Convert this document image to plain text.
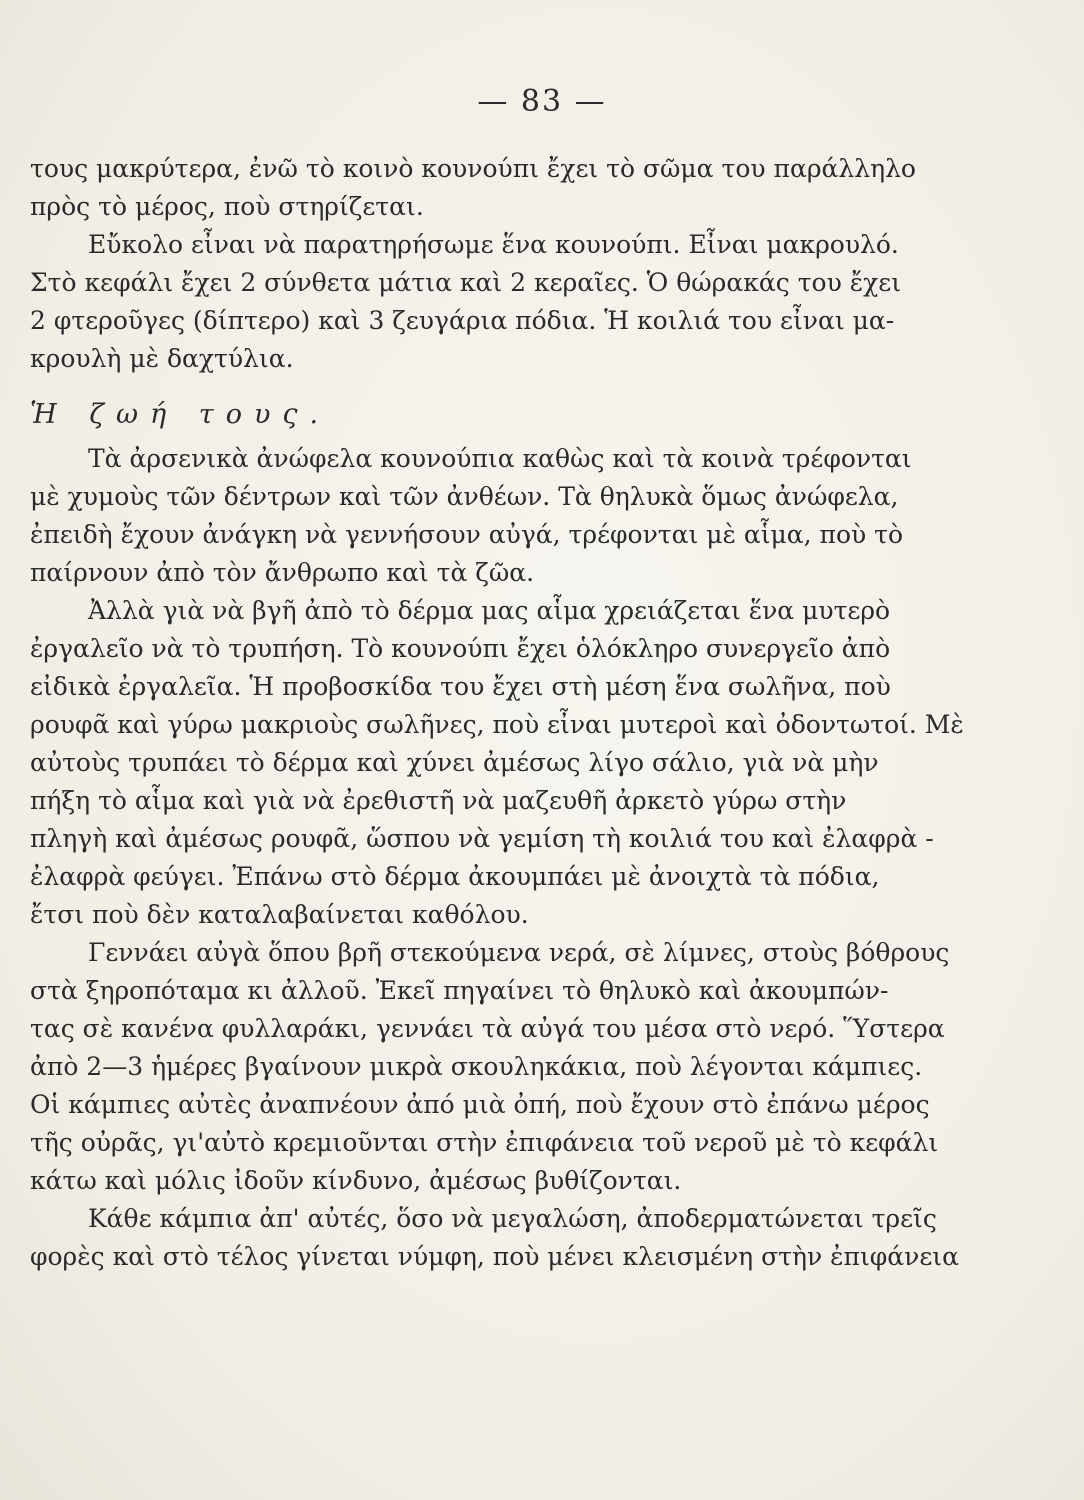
— 83 —
τους μακρύτερα, ἐνῶ τὸ κοινὸ κουνούπι ἔχει τὸ σῶμα του παράλληλο
πρὸς τὸ μέρος, ποὺ στηρίζεται.
Εὔκολο εἶναι νὰ παρατηρήσωμε ἕνα κουνούπι. Εἶναι μακρουλό.
Στὸ κεφάλι ἔχει 2 σύνθετα μάτια καὶ 2 κεραῖες. Ὁ θώρακάς του ἔχει
2 φτεροῦγες (δίπτερο) καὶ 3 ζευγάρια πόδια. Ἡ κοιλιά του εἶναι μα-
κρουλὴ μὲ δαχτύλια.
Ἡ ζωή τους.
Τὰ ἀρσενικὰ ἀνώφελα κουνούπια καθὼς καὶ τὰ κοινὰ τρέφονται
μὲ χυμοὺς τῶν δέντρων καὶ τῶν ἀνθέων. Τὰ θηλυκὰ ὅμως ἀνώφελα,
ἐπειδὴ ἔχουν ἀνάγκη νὰ γεννήσουν αὐγά, τρέφονται μὲ αἷμα, ποὺ τὸ
παίρνουν ἀπὸ τὸν ἄνθρωπο καὶ τὰ ζῶα.
Ἀλλὰ γιὰ νὰ βγῆ ἀπὸ τὸ δέρμα μας αἷμα χρειάζεται ἕνα μυτερὸ
ἐργαλεῖο νὰ τὸ τρυπήση. Τὸ κουνούπι ἔχει ὁλόκληρο συνεργεῖο ἀπὸ
εἰδικὰ ἐργαλεῖα. Ἡ προβοσκίδα του ἔχει στὴ μέση ἕνα σωλῆνα, ποὺ
ρουφᾶ καὶ γύρω μακριοὺς σωλῆνες, ποὺ εἶναι μυτεροὶ καὶ ὀδοντωτοί. Μὲ
αὐτοὺς τρυπάει τὸ δέρμα καὶ χύνει ἀμέσως λίγο σάλιο, γιὰ νὰ μὴν
πήξη τὸ αἷμα καὶ γιὰ νὰ ἐρεθιστῆ νὰ μαζευθῆ ἀρκετὸ γύρω στὴν
πληγὴ καὶ ἀμέσως ρουφᾶ, ὥσπου νὰ γεμίση τὴ κοιλιά του καὶ ἐλαφρὰ -
ἐλαφρὰ φεύγει. Ἐπάνω στὸ δέρμα ἀκουμπάει μὲ ἀνοιχτὰ τὰ πόδια,
ἔτσι ποὺ δὲν καταλαβαίνεται καθόλου.
Γεννάει αὐγὰ ὅπου βρῆ στεκούμενα νερά, σὲ λίμνες, στοὺς βόθρους
στὰ ξηροπόταμα κι ἀλλοῦ. Ἐκεῖ πηγαίνει τὸ θηλυκὸ καὶ ἀκουμπών-
τας σὲ κανένα φυλλαράκι, γεννάει τὰ αὐγά του μέσα στὸ νερό. Ὕστερα
ἀπὸ 2—3 ἡμέρες βγαίνουν μικρὰ σκουληκάκια, ποὺ λέγονται κάμπιες.
Οἱ κάμπιες αὐτὲς ἀναπνέουν ἀπό μιὰ ὀπή, ποὺ ἔχουν στὸ ἐπάνω μέρος
τῆς οὐρᾶς, γι'αὐτὸ κρεμιοῦνται στὴν ἐπιφάνεια τοῦ νεροῦ μὲ τὸ κεφάλι
κάτω καὶ μόλις ἰδοῦν κίνδυνο, ἀμέσως βυθίζονται.
Κάθε κάμπια ἀπ' αὐτές, ὅσο νὰ μεγαλώση, ἀποδερματώνεται τρεῖς
φορὲς καὶ στὸ τέλος γίνεται νύμφη, ποὺ μένει κλεισμένη στὴν ἐπιφάνεια
